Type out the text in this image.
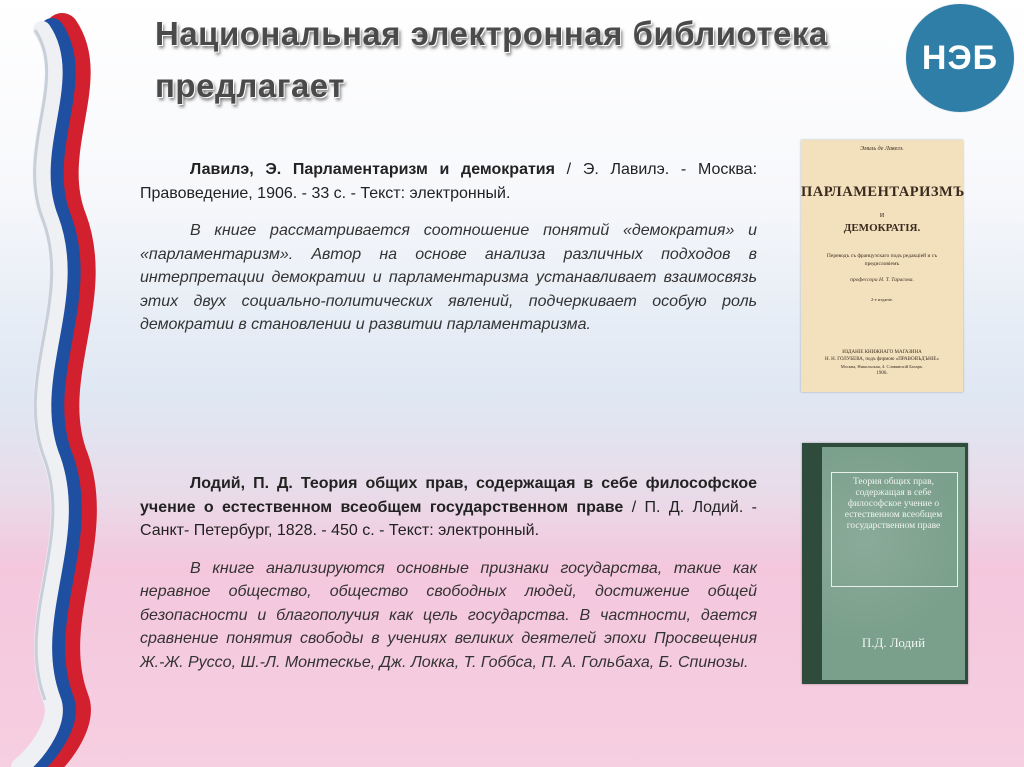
Национальная электронная библиотека предлагает
НЭБ

Лавилэ, Э. Парламентаризм и демократия / Э. Лавилэ. - Москва: Правоведение, 1906. - 33 с. - Текст: электронный.

В книге рассматривается соотношение понятий «демократия» и «парламентаризм». Автор на основе анализа различных подходов в интерпретации демократии и парламентаризма устанавливает взаимосвязь этих двух социально-политических явлений, подчеркивает особую роль демократии в становлении и развитии парламентаризма.

Лодий, П. Д. Теория общих прав, содержащая в себе философское учение о естественном всеобщем государственном праве / П. Д. Лодий. - Санкт- Петербург, 1828. - 450 с. - Текст: электронный.

В книге анализируются основные признаки государства, такие как неравное общество, общество свободных людей, достижение общей безопасности и благополучия как цель государства. В частности, дается сравнение понятия свободы в учениях великих деятелей эпохи Просвещения Ж.-Ж. Руссо, Ш.-Л. Монтескье, Дж. Локка, Т. Гоббса, П. А. Гольбаха, Б. Спинозы.

Эмиль де Лавелэ.
ПАРЛАМЕНТАРИЗМЪ
и
ДЕМОКРАТІЯ.
Переводъ съ французскаго подъ редакціей и съ предисловіемъ
профессора Н. Т. Тарасова.
2-е изданіе.
ИЗДАНІЕ КНИЖНАГО МАГАЗИНА
Н. Н. ГОЛУБЕВА, подъ фирмою «ПРАВОВЪДЪНІЕ»
Москва, Никольская, 4. Славянскій Базаръ.
1906.
Теория общих прав, содержащая в себе философское учение о естественном всеобщем государственном праве
П.Д. Лодий
